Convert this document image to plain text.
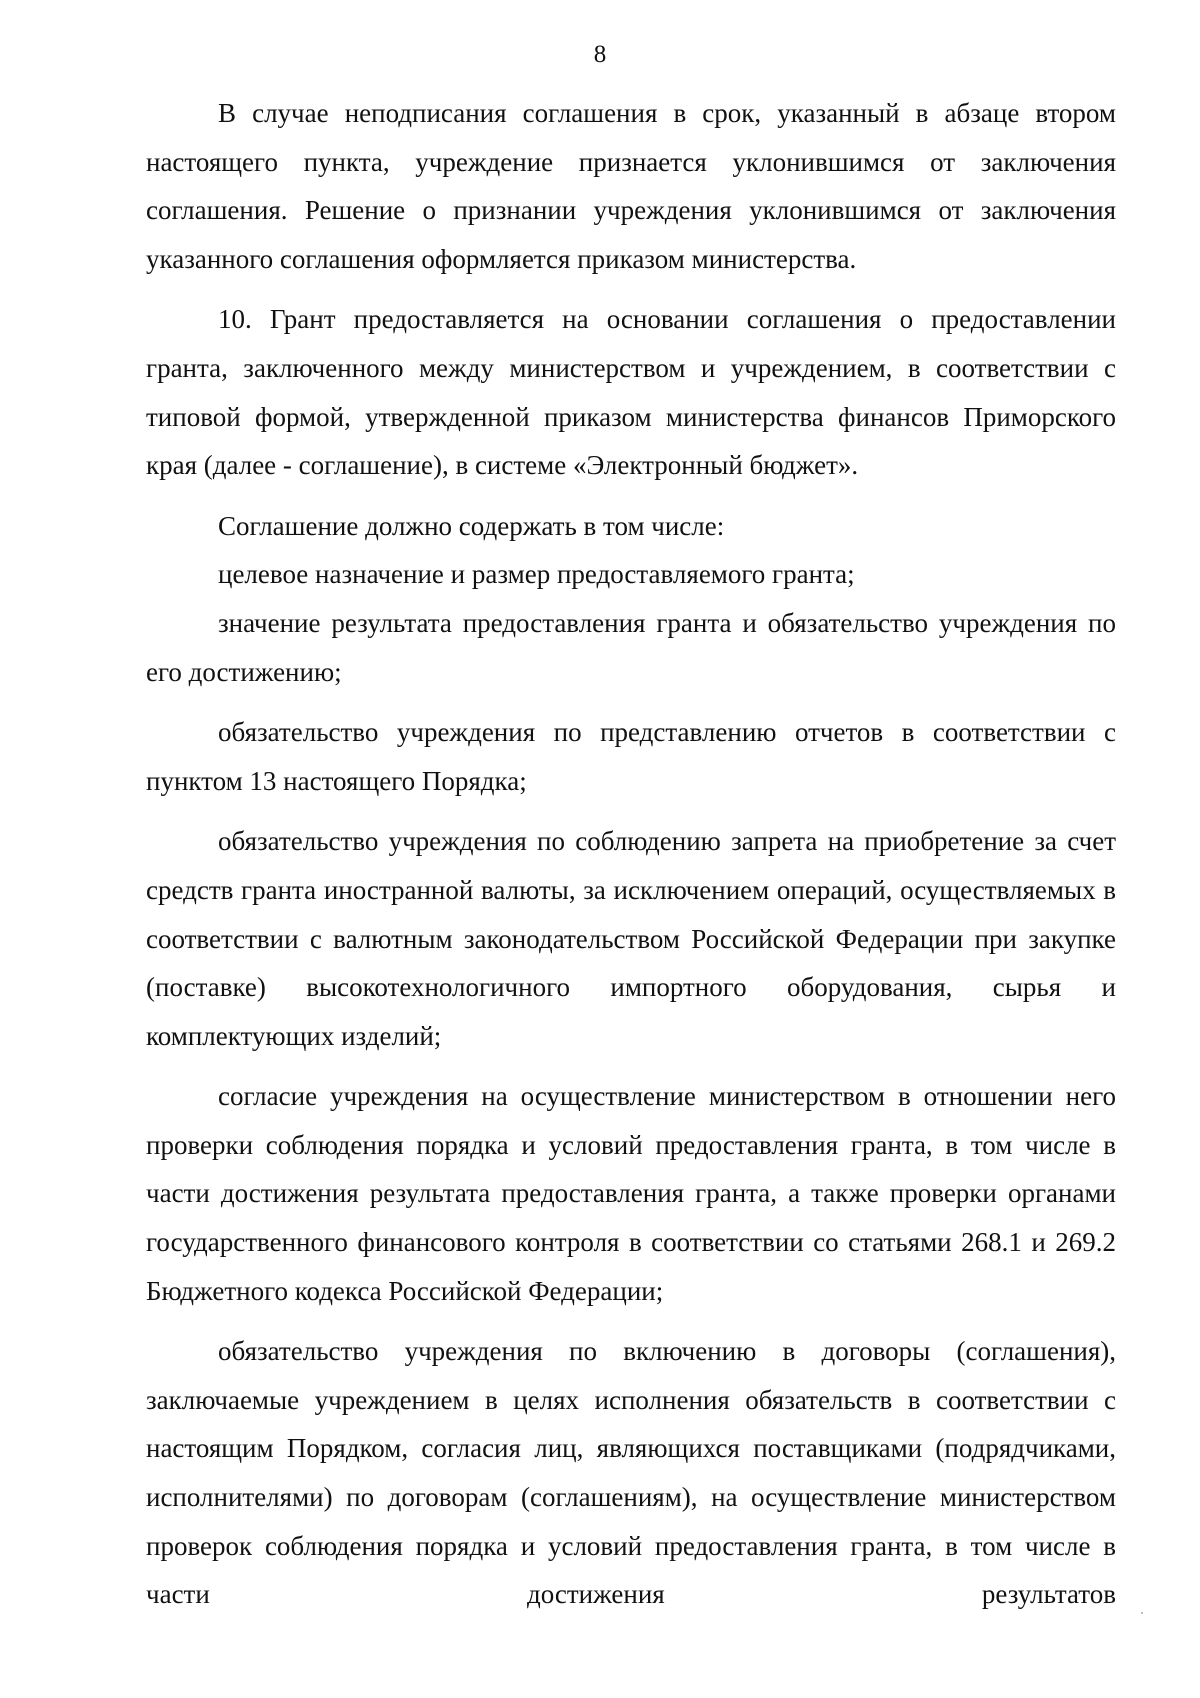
8

В случае неподписания соглашения в срок, указанный в абзаце втором настоящего пункта, учреждение признается уклонившимся от заключения соглашения. Решение о признании учреждения уклонившимся от заключения указанного соглашения оформляется приказом министерства.

10. Грант предоставляется на основании соглашения о предоставлении гранта, заключенного между министерством и учреждением, в соответствии с типовой формой, утвержденной приказом министерства финансов Приморского края (далее - соглашение), в системе «Электронный бюджет».

Соглашение должно содержать в том числе:

целевое назначение и размер предоставляемого гранта;

значение результата предоставления гранта и обязательство учреждения по его достижению;

обязательство учреждения по представлению отчетов в соответствии с пунктом 13 настоящего Порядка;

обязательство учреждения по соблюдению запрета на приобретение за счет средств гранта иностранной валюты, за исключением операций, осуществляемых в соответствии с валютным законодательством Российской Федерации при закупке (поставке) высокотехнологичного импортного оборудования, сырья и комплектующих изделий;

согласие учреждения на осуществление министерством в отношении него проверки соблюдения порядка и условий предоставления гранта, в том числе в части достижения результата предоставления гранта, а также проверки органами государственного финансового контроля в соответствии со статьями 268.1 и 269.2 Бюджетного кодекса Российской Федерации;

обязательство учреждения по включению в договоры (соглашения), заключаемые учреждением в целях исполнения обязательств в соответствии с настоящим Порядком, согласия лиц, являющихся поставщиками (подрядчиками, исполнителями) по договорам (соглашениям), на осуществление министерством проверок соблюдения порядка и условий предоставления гранта, в том числе в части достижения результатов
